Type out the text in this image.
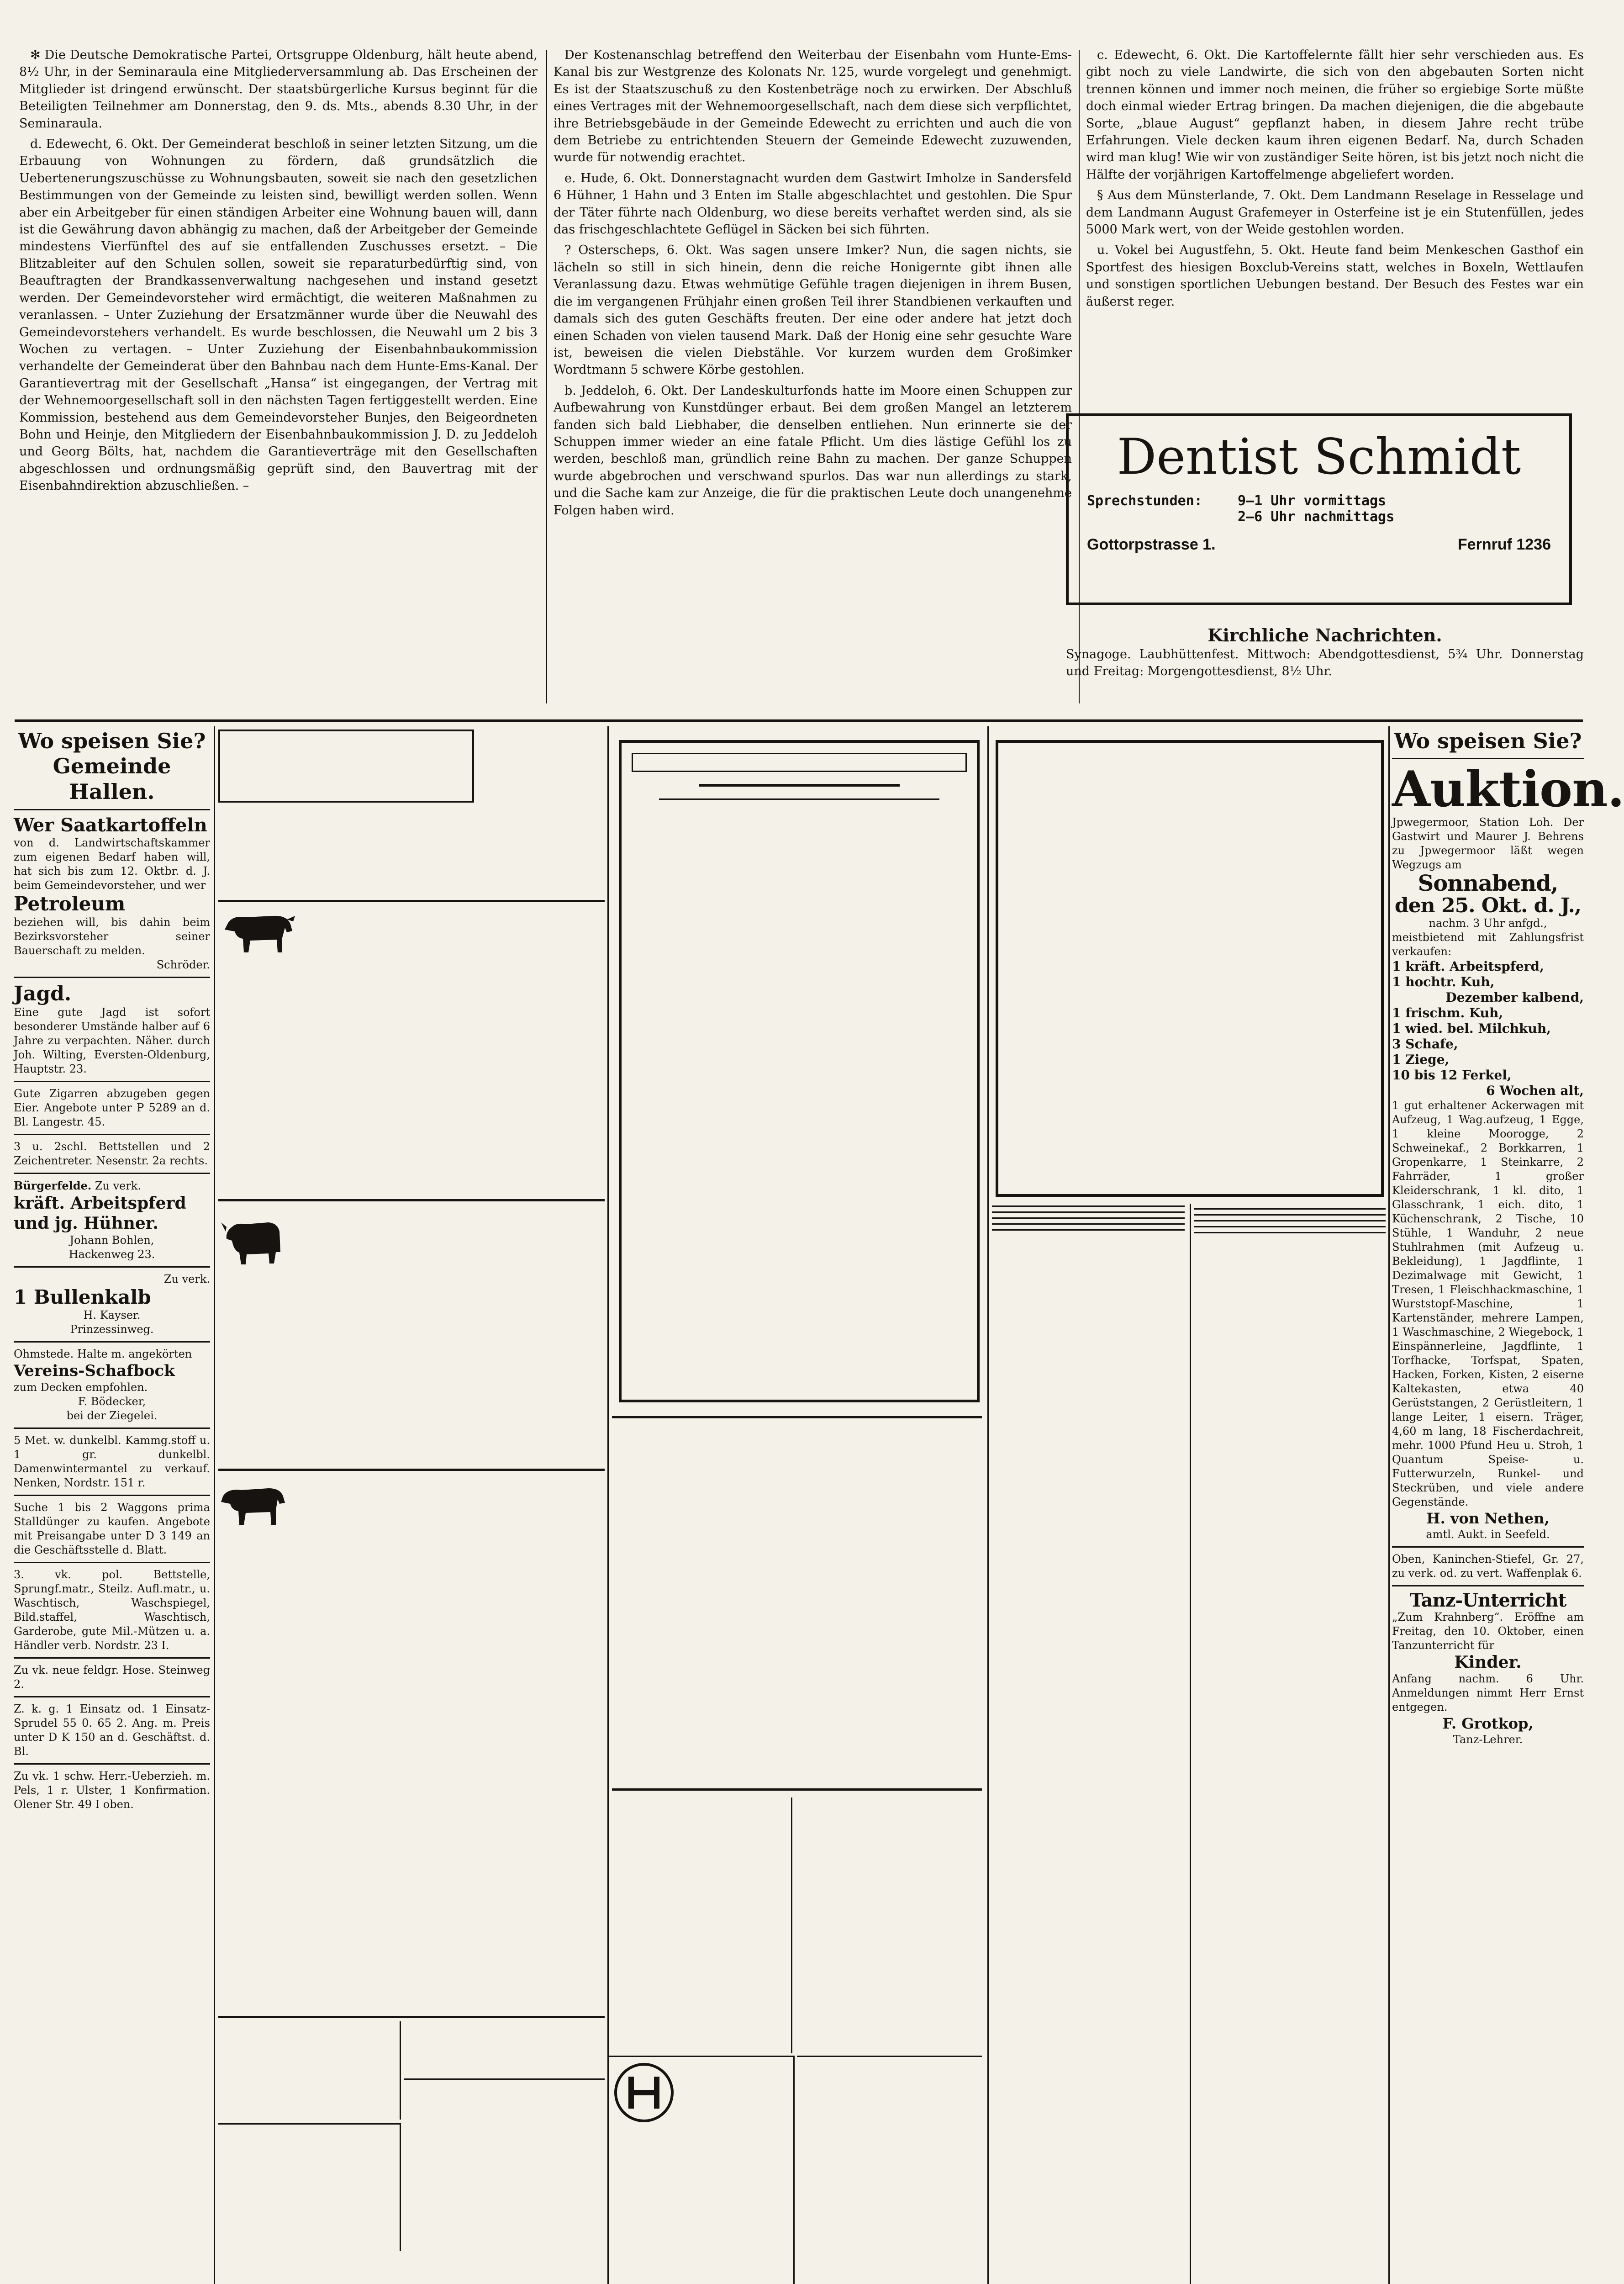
✻ Die Deutsche Demokratische Partei, Ortsgruppe Oldenburg, hält heute abend, 8½ Uhr, in der Seminaraula eine Mitgliederversammlung ab. Das Erscheinen der Mitglieder ist dringend erwünscht. Der staatsbürgerliche Kursus beginnt für die Beteiligten Teilnehmer am Donnerstag, den 9. ds. Mts., abends 8.30 Uhr, in der Seminaraula.

d. Edewecht, 6. Okt. Der Gemeinderat beschloß in seiner letzten Sitzung, um die Erbauung von Wohnungen zu fördern, daß grundsätzlich die Uebertenerungszuschüsse zu Wohnungsbauten, soweit sie nach den gesetzlichen Bestimmungen von der Gemeinde zu leisten sind, bewilligt werden sollen. Wenn aber ein Arbeitgeber für einen ständigen Arbeiter eine Wohnung bauen will, dann ist die Gewährung davon abhängig zu machen, daß der Arbeitgeber der Gemeinde mindestens Vierfünftel des auf sie entfallenden Zuschusses ersetzt. – Die Blitzableiter auf den Schulen sollen, soweit sie reparaturbedürftig sind, von Beauftragten der Brandkassenverwaltung nachgesehen und instand gesetzt werden. Der Gemeindevorsteher wird ermächtigt, die weiteren Maßnahmen zu veranlassen. – Unter Zuziehung der Ersatzmänner wurde über die Neuwahl des Gemeindevorstehers verhandelt. Es wurde beschlossen, die Neuwahl um 2 bis 3 Wochen zu vertagen. – Unter Zuziehung der Eisenbahnbaukommission verhandelte der Gemeinderat über den Bahnbau nach dem Hunte-Ems-Kanal. Der Garantievertrag mit der Gesellschaft „Hansa“ ist eingegangen, der Vertrag mit der Wehnemoorgesellschaft soll in den nächsten Tagen fertiggestellt werden. Eine Kommission, bestehend aus dem Gemeindevorsteher Bunjes, den Beigeordneten Bohn und Heinje, den Mitgliedern der Eisenbahnbaukommission J. D. zu Jeddeloh und Georg Bölts, hat, nachdem die Garantieverträge mit den Gesellschaften abgeschlossen und ordnungsmäßig geprüft sind, den Bauvertrag mit der Eisenbahndirektion abzuschließen. –

Der Kostenanschlag betreffend den Weiterbau der Eisenbahn vom Hunte-Ems-Kanal bis zur Westgrenze des Kolonats Nr. 125, wurde vorgelegt und genehmigt. Es ist der Staatszuschuß zu den Kostenbeträge noch zu erwirken. Der Abschluß eines Vertrages mit der Wehnemoorgesellschaft, nach dem diese sich verpflichtet, ihre Betriebsgebäude in der Gemeinde Edewecht zu errichten und auch die von dem Betriebe zu entrichtenden Steuern der Gemeinde Edewecht zuzuwenden, wurde für notwendig erachtet.

e. Hude, 6. Okt. Donnerstagnacht wurden dem Gastwirt Imholze in Sandersfeld 6 Hühner, 1 Hahn und 3 Enten im Stalle abgeschlachtet und gestohlen. Die Spur der Täter führte nach Oldenburg, wo diese bereits verhaftet werden sind, als sie das frischgeschlachtete Geflügel in Säcken bei sich führten.

? Osterscheps, 6. Okt. Was sagen unsere Imker? Nun, die sagen nichts, sie lächeln so still in sich hinein, denn die reiche Honigernte gibt ihnen alle Veranlassung dazu. Etwas wehmütige Gefühle tragen diejenigen in ihrem Busen, die im vergangenen Frühjahr einen großen Teil ihrer Standbienen verkauften und damals sich des guten Geschäfts freuten. Der eine oder andere hat jetzt doch einen Schaden von vielen tausend Mark. Daß der Honig eine sehr gesuchte Ware ist, beweisen die vielen Diebstähle. Vor kurzem wurden dem Großimker Wordtmann 5 schwere Körbe gestohlen.

b. Jeddeloh, 6. Okt. Der Landeskulturfonds hatte im Moore einen Schuppen zur Aufbewahrung von Kunstdünger erbaut. Bei dem großen Mangel an letzterem fanden sich bald Liebhaber, die denselben entliehen. Nun erinnerte sie der Schuppen immer wieder an eine fatale Pflicht. Um dies lästige Gefühl los zu werden, beschloß man, gründlich reine Bahn zu machen. Der ganze Schuppen wurde abgebrochen und verschwand spurlos. Das war nun allerdings zu stark, und die Sache kam zur Anzeige, die für die praktischen Leute doch unangenehme Folgen haben wird.

c. Edewecht, 6. Okt. Die Kartoffelernte fällt hier sehr verschieden aus. Es gibt noch zu viele Landwirte, die sich von den abgebauten Sorten nicht trennen können und immer noch meinen, die früher so ergiebige Sorte müßte doch einmal wieder Ertrag bringen. Da machen diejenigen, die die abgebaute Sorte, „blaue August“ gepflanzt haben, in diesem Jahre recht trübe Erfahrungen. Viele decken kaum ihren eigenen Bedarf. Na, durch Schaden wird man klug! Wie wir von zuständiger Seite hören, ist bis jetzt noch nicht die Hälfte der vorjährigen Kartoffelmenge abgeliefert worden.

§ Aus dem Münsterlande, 7. Okt. Dem Landmann Reselage in Resselage und dem Landmann August Grafemeyer in Osterfeine ist je ein Stutenfüllen, jedes 5000 Mark wert, von der Weide gestohlen worden.

u. Vokel bei Augustfehn, 5. Okt. Heute fand beim Menkeschen Gasthof ein Sportfest des hiesigen Boxclub-Vereins statt, welches in Boxeln, Wettlaufen und sonstigen sportlichen Uebungen bestand. Der Besuch des Festes war ein äußerst reger.

Dentist Schmidt
Sprechstunden:	9—1 Uhr vormittags
2—6 Uhr nachmittags
Gottorpstrasse 1.	Fernruf 1236
Kirchliche Nachrichten.
Synagoge. Laubhüttenfest. Mittwoch: Abendgottesdienst, 5¾ Uhr. Donnerstag und Freitag: Morgengottesdienst, 8½ Uhr.
Wo speisen Sie?
Gemeinde Hallen.
Wer Saatkartoffeln
von d. Landwirtschaftskammer zum eigenen Bedarf haben will, hat sich bis zum 12. Oktbr. d. J. beim Gemeindevorsteher, und wer
Petroleum
beziehen will, bis dahin beim Bezirksvorsteher seiner Bauerschaft zu melden.
Schröder.
Jagd.
Eine gute Jagd ist sofort besonderer Umstände halber auf 6 Jahre zu verpachten. Näher. durch Joh. Wilting, Eversten-Oldenburg, Hauptstr. 23.
Gute Zigarren abzugeben gegen Eier. Angebote unter P 5289 an d. Bl. Langestr. 45.
3 u. 2schl. Bettstellen und 2 Zeichentreter. Nesenstr. 2a rechts.
Bürgerfelde. Zu verk.
kräft. Arbeitspferd
und jg. Hühner.
Johann Bohlen,
Hackenweg 23.
Zu verk.
1 Bullenkalb
H. Kayser.
Prinzessinweg.
Ohmstede. Halte m. angekörten
Vereins-Schafbock
zum Decken empfohlen.
F. Bödecker,
bei der Ziegelei.
5 Met. w. dunkelbl. Kammg.stoff u. 1 gr. dunkelbl. Damenwintermantel zu verkauf. Nenken, Nordstr. 151 r.
Suche 1 bis 2 Waggons prima Stalldünger zu kaufen. Angebote mit Preisangabe unter D 3 149 an die Geschäftsstelle d. Blatt.
3. vk. pol. Bettstelle, Sprungf.matr., Steilz. Aufl.matr., u. Waschtisch, Waschspiegel, Bild.staffel, Waschtisch, Garderobe, gute Mil.-Mützen u. a. Händler verb. Nordstr. 23 I.
Zu vk. neue feldgr. Hose. Steinweg 2.
Z. k. g. 1 Einsatz od. 1 Einsatz-Sprudel 55 0. 65 2. Ang. m. Preis unter D K 150 an d. Geschäftst. d. Bl.
Zu vk. 1 schw. Herr.-Ueberzieh. m. Pels, 1 r. Ulster, 1 Konfirmation. Olener Str. 49 I oben.
Wo speisen Sie?
Auktion.
Jpwegermoor, Station Loh. Der Gastwirt und Maurer J. Behrens zu Jpwegermoor läßt wegen Wegzugs am
Sonnabend,
den 25. Okt. d. J.,
nachm. 3 Uhr anfgd.,
meistbietend mit Zahlungsfrist verkaufen:
1 kräft. Arbeitspferd,
1 hochtr. Kuh,
Dezember kalbend,
1 frischm. Kuh,
1 wied. bel. Milchkuh,
3 Schafe,
1 Ziege,
10 bis 12 Ferkel,
6 Wochen alt,
1 gut erhaltener Ackerwagen mit Aufzeug, 1 Wag.aufzeug, 1 Egge, 1 kleine Moorogge, 2 Schweinekaf., 2 Borkkarren, 1 Gropenkarre, 1 Steinkarre, 2 Fahrräder, 1 großer Kleiderschrank, 1 kl. dito, 1 Glasschrank, 1 eich. dito, 1 Küchenschrank, 2 Tische, 10 Stühle, 1 Wanduhr, 2 neue Stuhlrahmen (mit Aufzeug u. Bekleidung), 1 Jagdflinte, 1 Dezimalwage mit Gewicht, 1 Tresen, 1 Fleischhackmaschine, 1 Wurststopf-Maschine, 1 Kartenständer, mehrere Lampen, 1 Waschmaschine, 2 Wiegebock, 1 Einspännerleine, Jagdflinte, 1 Torfhacke, Torfspat, Spaten, Hacken, Forken, Kisten, 2 eiserne Kaltekasten, etwa 40 Gerüststangen, 2 Gerüstleitern, 1 lange Leiter, 1 eisern. Träger, 4,60 m lang, 18 Fischerdachreit, mehr. 1000 Pfund Heu u. Stroh, 1 Quantum Speise- u. Futterwurzeln, Runkel- und Steckrüben, und viele andere Gegenstände.
H. von Nethen,
amtl. Aukt. in Seefeld.
Oben, Kaninchen-Stiefel, Gr. 27, zu verk. od. zu vert. Waffenplak 6.
Tanz-Unterricht
„Zum Krahnberg“. Eröffne am Freitag, den 10. Oktober, einen Tanzunterricht für
Kinder.
Anfang nachm. 6 Uhr. Anmeldungen nimmt Herr Ernst entgegen.
F. Grotkop,
Tanz-Lehrer.
